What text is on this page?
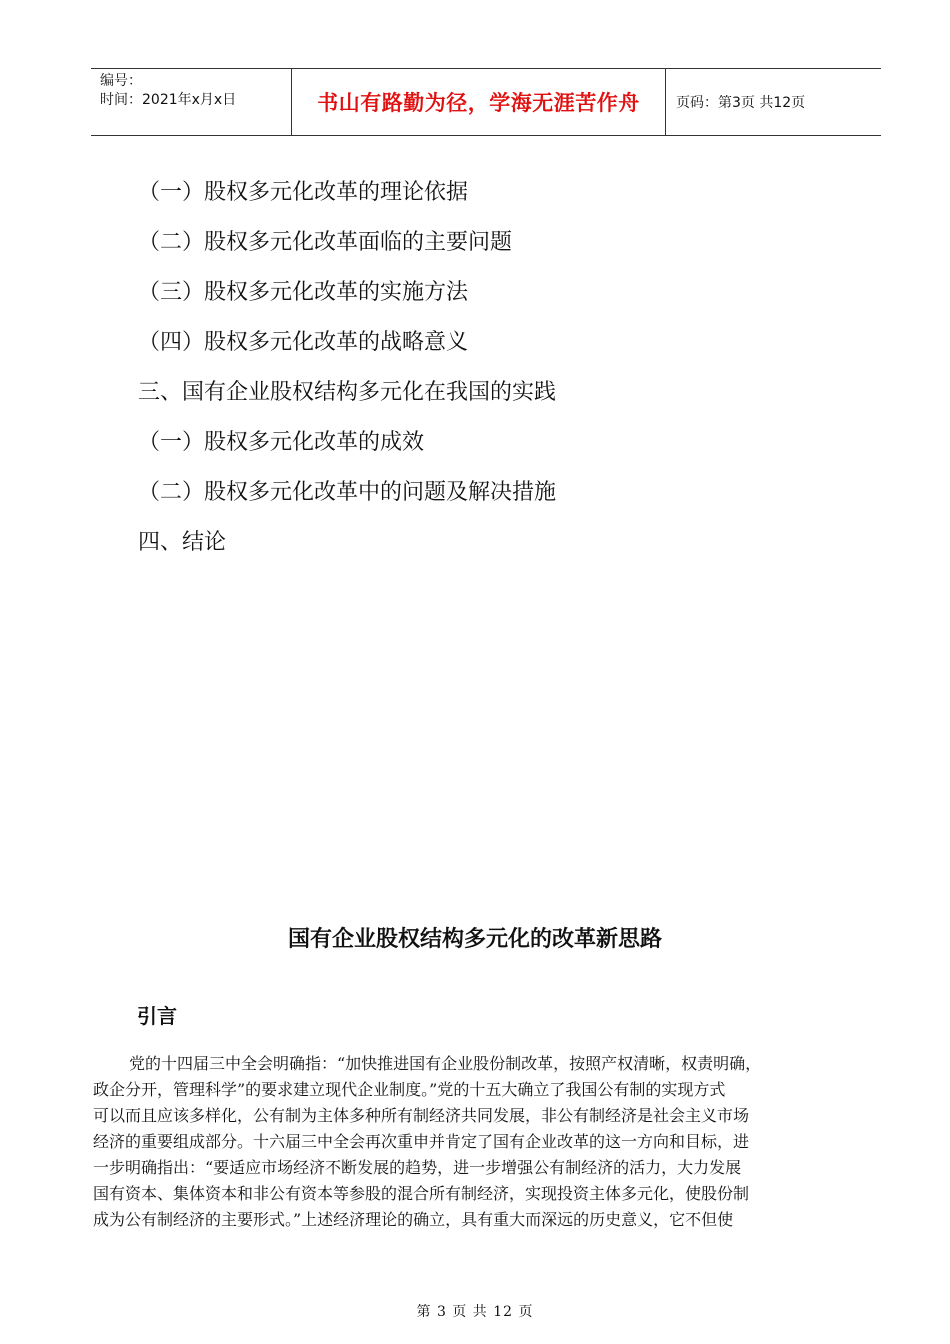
编号：
时间：2021年x月x日	书山有路勤为径，学海无涯苦作舟	页码：第3页 共12页
（一）股权多元化改革的理论依据
（二）股权多元化改革面临的主要问题
（三）股权多元化改革的实施方法
（四）股权多元化改革的战略意义
三、国有企业股权结构多元化在我国的实践
（一）股权多元化改革的成效
（二）股权多元化改革中的问题及解决措施
四、结论
国有企业股权结构多元化的改革新思路
引言
党的十四届三中全会明确指：“加快推进国有企业股份制改革，按照产权清晰，权责明确，
政企分开，管理科学”的要求建立现代企业制度。”党的十五大确立了我国公有制的实现方式
可以而且应该多样化，公有制为主体多种所有制经济共同发展，非公有制经济是社会主义市场
经济的重要组成部分。十六届三中全会再次重申并肯定了国有企业改革的这一方向和目标，进
一步明确指出：“要适应市场经济不断发展的趋势，进一步增强公有制经济的活力，大力发展
国有资本、集体资本和非公有资本等参股的混合所有制经济，实现投资主体多元化，使股份制
成为公有制经济的主要形式。”上述经济理论的确立，具有重大而深远的历史意义，它不但使
第 3 页 共 12 页
